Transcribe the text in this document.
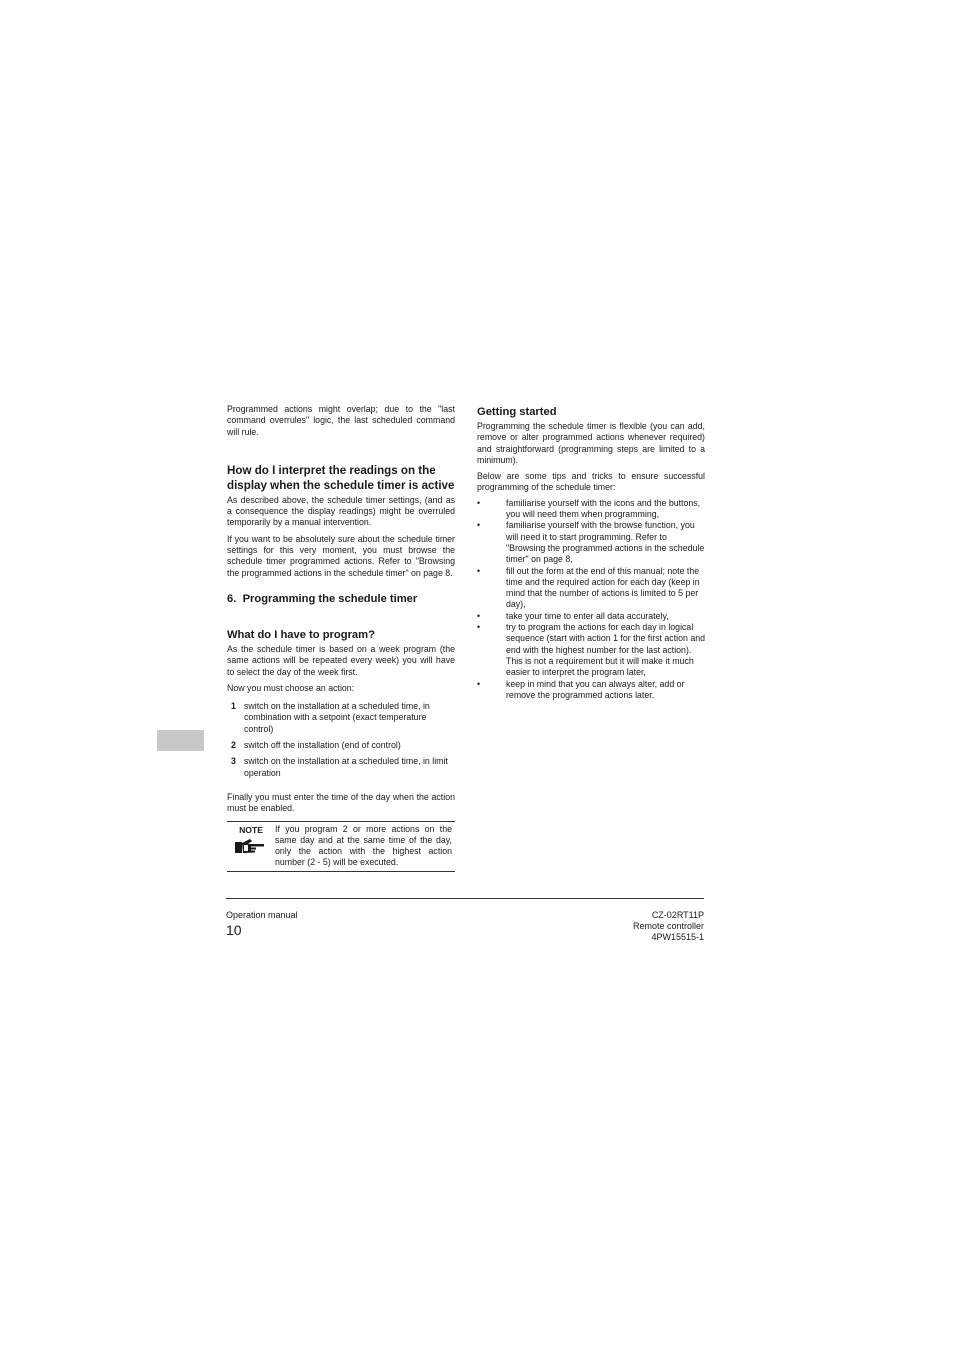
Programmed actions might overlap; due to the "last command overrules" logic, the last scheduled command will rule.

How do I interpret the readings on the display when the schedule timer is active

As described above, the schedule timer settings, (and as a consequence the display readings) might be overruled temporarily by a manual intervention.

If you want to be absolutely sure about the schedule timer settings for this very moment, you must browse the schedule timer programmed actions. Refer to "Browsing the programmed actions in the schedule timer" on page 8.

6. Programming the schedule timer
What do I have to program?

As the schedule timer is based on a week program (the same actions will be repeated every week) you will have to select the day of the week first.

Now you must choose an action:

1 switch on the installation at a scheduled time, in combination with a setpoint (exact temperature control)
2 switch off the installation (end of control)
3 switch on the installation at a scheduled time, in limit operation

Finally you must enter the time of the day when the action must be enabled.

NOTE	If you program 2 or more actions on the same day and at the same time of the day, only the action with the highest action number (2 - 5) will be executed.
Getting started

Programming the schedule timer is flexible (you can add, remove or alter programmed actions whenever required) and straightforward (programming steps are limited to a minimum).

Below are some tips and tricks to ensure successful programming of the schedule timer:

•	familiarise yourself with the icons and the buttons, you will need them when programming,
•	familiarise yourself with the browse function, you will need it to start programming. Refer to "Browsing the programmed actions in the schedule timer" on page 8,
•	fill out the form at the end of this manual; note the time and the required action for each day (keep in mind that the number of actions is limited to 5 per day),
•	take your time to enter all data accurately,
•	try to program the actions for each day in logical sequence (start with action 1 for the first action and end with the highest number for the last action). This is not a requirement but it will make it much easier to interpret the program later,
•	keep in mind that you can always alter, add or remove the programmed actions later.
Operation manual
10
CZ-02RT11P
Remote controller
4PW15515-1
